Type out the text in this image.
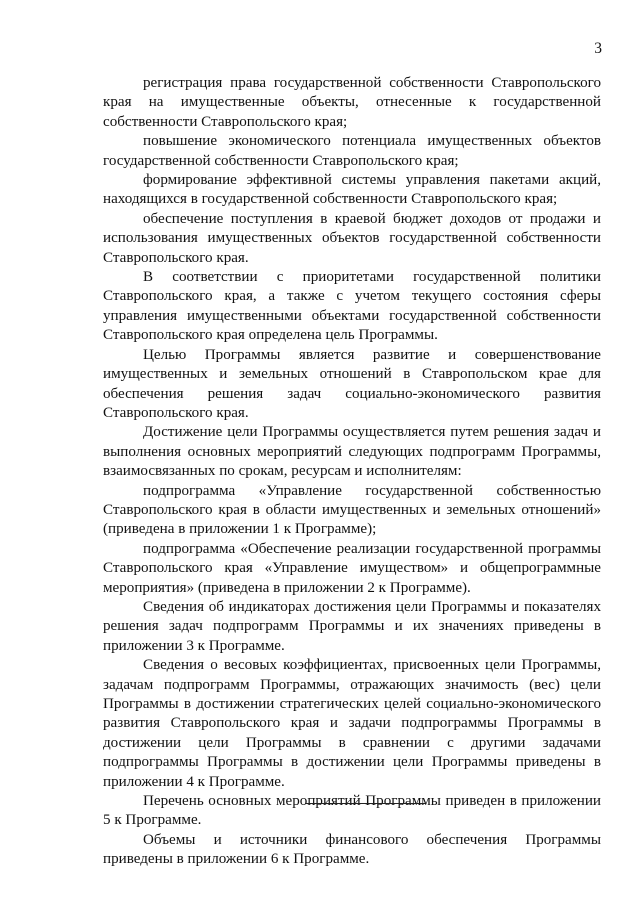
3

регистрация права государственной собственности Ставропольского края на имущественные объекты, отнесенные к государственной собственности Ставропольского края;

повышение экономического потенциала имущественных объектов государственной собственности Ставропольского края;

формирование эффективной системы управления пакетами акций, находящихся в государственной собственности Ставропольского края;

обеспечение поступления в краевой бюджет доходов от продажи и использования имущественных объектов государственной собственности Ставропольского края.

В соответствии с приоритетами государственной политики Ставропольского края, а также с учетом текущего состояния сферы управления имущественными объектами государственной собственности Ставропольского края определена цель Программы.

Целью Программы является развитие и совершенствование имущественных и земельных отношений в Ставропольском крае для обеспечения решения задач социально-экономического развития Ставропольского края.

Достижение цели Программы осуществляется путем решения задач и выполнения основных мероприятий следующих подпрограмм Программы, взаимосвязанных по срокам, ресурсам и исполнителям:

подпрограмма «Управление государственной собственностью Ставропольского края в области имущественных и земельных отношений» (приведена в приложении 1 к Программе);

подпрограмма «Обеспечение реализации государственной программы Ставропольского края «Управление имуществом» и общепрограммные мероприятия» (приведена в приложении 2 к Программе).

Сведения об индикаторах достижения цели Программы и показателях решения задач подпрограмм Программы и их значениях приведены в приложении 3 к Программе.

Сведения о весовых коэффициентах, присвоенных цели Программы, задачам подпрограмм Программы, отражающих значимость (вес) цели Программы в достижении стратегических целей социально-экономического развития Ставропольского края и задачи подпрограммы Программы в достижении цели Программы в сравнении с другими задачами подпрограммы Программы в достижении цели Программы приведены в приложении 4 к Программе.

Перечень основных мероприятий Программы приведен в приложении 5 к Программе.

Объемы и источники финансового обеспечения Программы приведены в приложении 6 к Программе.
